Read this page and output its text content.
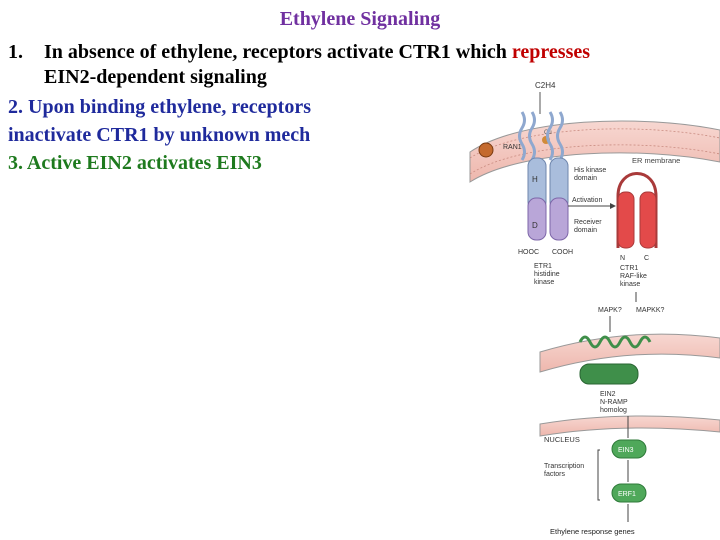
Ethylene Signaling
1. In absence of ethylene, receptors activate CTR1 which represses
EIN2-dependent signaling
2. Upon binding ethylene, receptors
inactivate CTR1 by unknown mech
3. Active EIN2 activates EIN3
C2H4
ER membrane
RAN1
Cu
H
D
His kinase
domain
Activation
Receiver
domain
HOOC COOH
ETR1
histidine
kinase
N	C
CTR1
RAF-like
kinase
MAPK? MAPKK?
EIN2
N-RAMP
homolog
NUCLEUS
EIN3
Transcription
factors
ERF1
Ethylene response genes
